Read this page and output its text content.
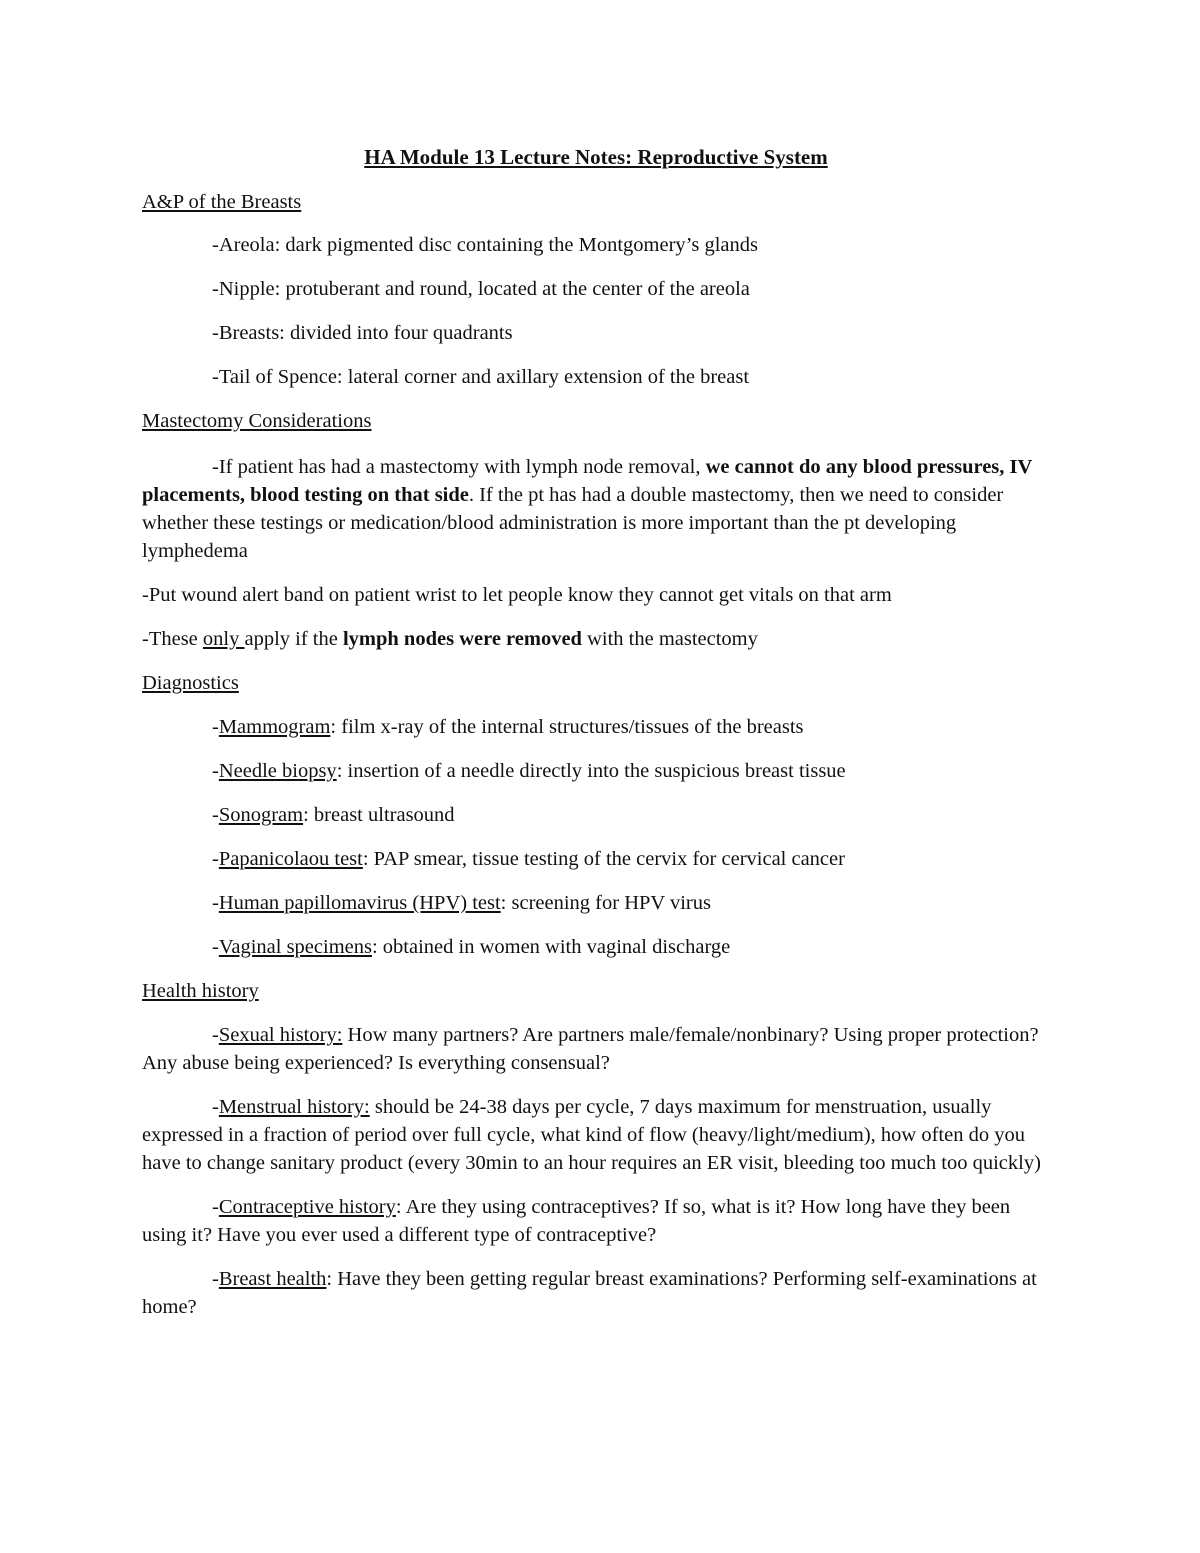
HA Module 13 Lecture Notes: Reproductive System
A&P of the Breasts

-Areola: dark pigmented disc containing the Montgomery’s glands

-Nipple: protuberant and round, located at the center of the areola

-Breasts: divided into four quadrants

-Tail of Spence: lateral corner and axillary extension of the breast

Mastectomy Considerations

-If patient has had a mastectomy with lymph node removal, we cannot do any blood pressures, IV placements, blood testing on that side. If the pt has had a double mastectomy, then we need to consider whether these testings or medication/blood administration is more important than the pt developing lymphedema

-Put wound alert band on patient wrist to let people know they cannot get vitals on that arm

-These only apply if the lymph nodes were removed with the mastectomy

Diagnostics

-Mammogram: film x-ray of the internal structures/tissues of the breasts

-Needle biopsy: insertion of a needle directly into the suspicious breast tissue

-Sonogram: breast ultrasound

-Papanicolaou test: PAP smear, tissue testing of the cervix for cervical cancer

-Human papillomavirus (HPV) test: screening for HPV virus

-Vaginal specimens: obtained in women with vaginal discharge

Health history

-Sexual history: How many partners? Are partners male/female/nonbinary? Using proper protection? Any abuse being experienced? Is everything consensual?

-Menstrual history: should be 24-38 days per cycle, 7 days maximum for menstruation, usually expressed in a fraction of period over full cycle, what kind of flow (heavy/light/medium), how often do you have to change sanitary product (every 30min to an hour requires an ER visit, bleeding too much too quickly)

-Contraceptive history: Are they using contraceptives? If so, what is it? How long have they been using it? Have you ever used a different type of contraceptive?

-Breast health: Have they been getting regular breast examinations? Performing self-examinations at home?
